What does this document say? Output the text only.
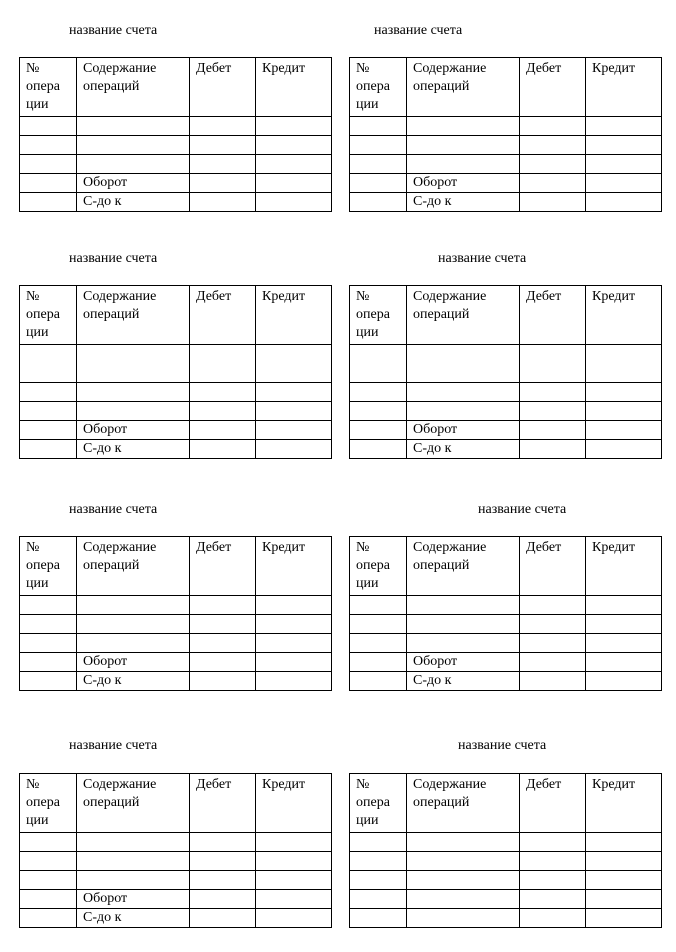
название счета
№ опера ции	Содержание операций	Дебет	Кредит

	Оборот		
	С-до к		
название счета
№ опера ции	Содержание операций	Дебет	Кредит

	Оборот		
	С-до к		
название счета
№ опера ции	Содержание операций	Дебет	Кредит

	Оборот		
	С-до к		
название счета
№ опера ции	Содержание операций	Дебет	Кредит

	Оборот		
	С-до к		
название счета
№ опера ции	Содержание операций	Дебет	Кредит

	Оборот		
	С-до к		
название счета
№ опера ции	Содержание операций	Дебет	Кредит

	Оборот		
	С-до к		
название счета
№ опера ции	Содержание операций	Дебет	Кредит

	Оборот		
	С-до к		
название счета
№ опера ции	Содержание операций	Дебет	Кредит
